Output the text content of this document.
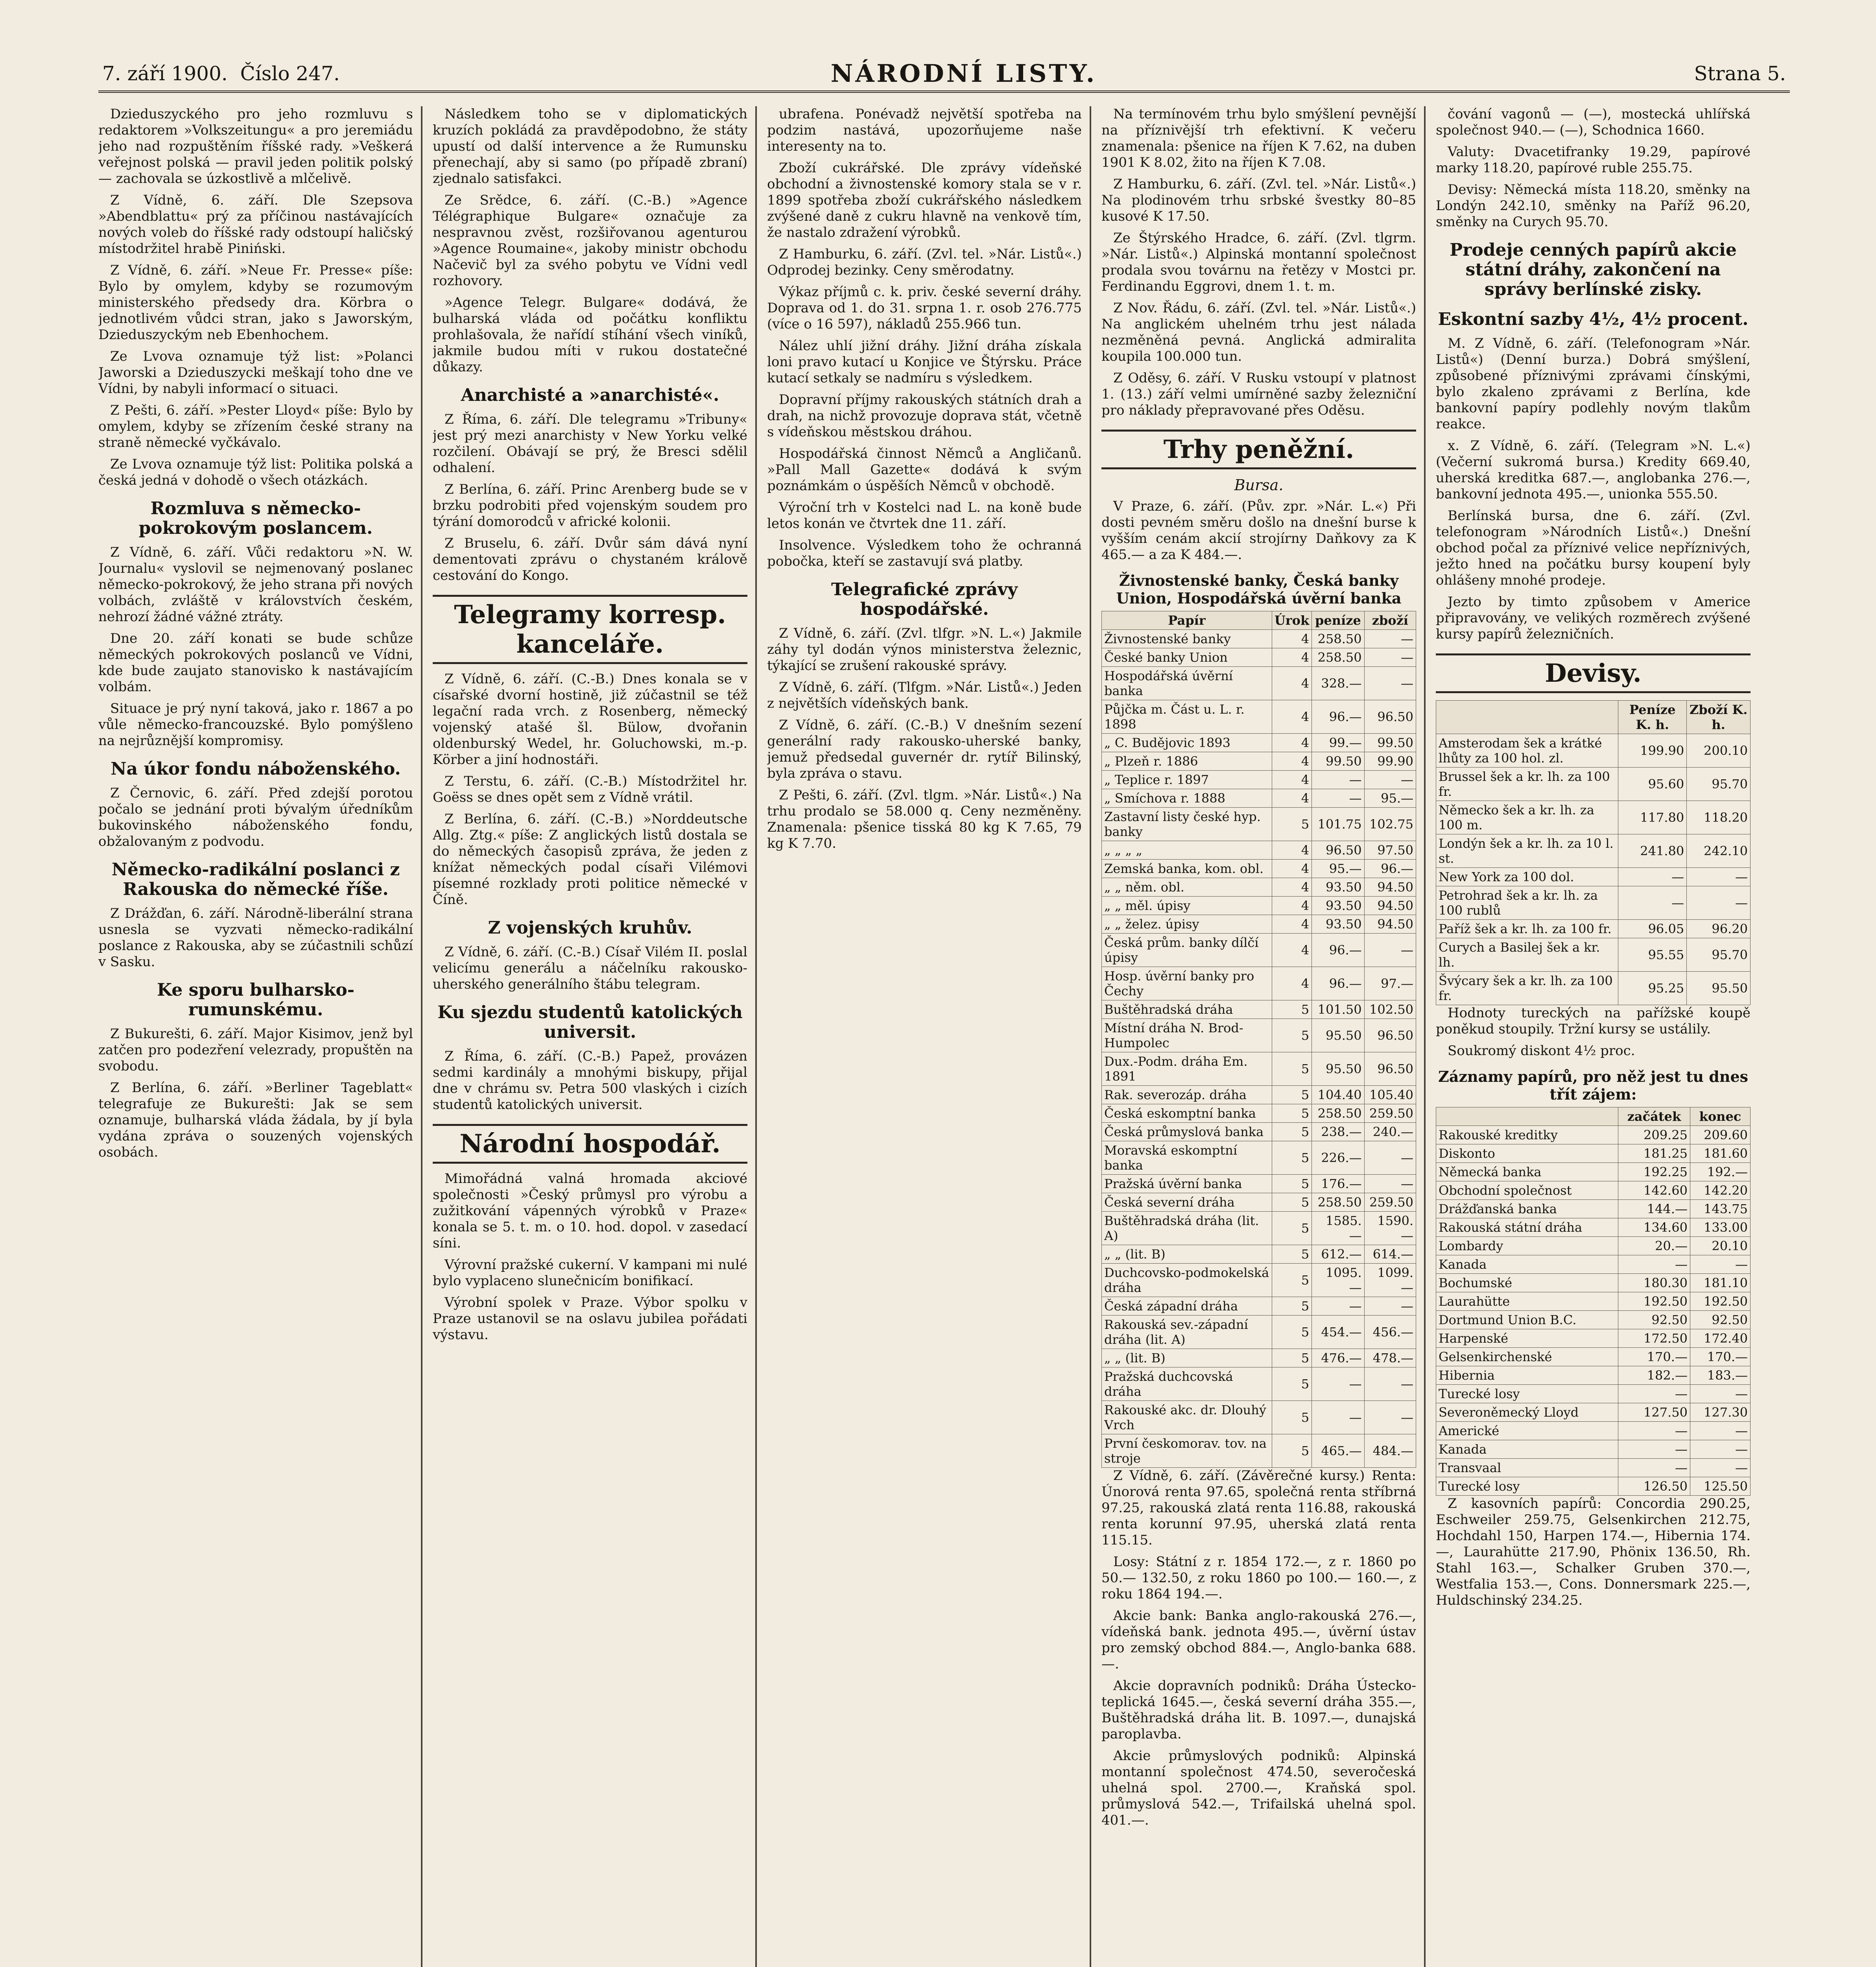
7. září 1900. Číslo 247.	NÁRODNÍ LISTY.	Strana 5.

Dzieduszyckého pro jeho rozmluvu s redaktorem »Volkszeitungu« a pro jeremiádu jeho nad rozpuštěním říšské rady. »Veškerá veřejnost polská — pravil jeden politik polský — zachovala se úzkostlivě a mlčelivě.

Z Vídně, 6. září. Dle Szepsova »Abendblattu« prý za příčinou nastávajících nových voleb do říšské rady odstoupí haličský místodržitel hrabě Piniński.

Z Vídně, 6. září. »Neue Fr. Presse« píše: Bylo by omylem, kdyby se rozumovým ministerského předsedy dra. Körbra o jednotlivém vůdci stran, jako s Jaworským, Dzieduszyckým neb Ebenhochem.

Ze Lvova oznamuje týž list: »Polanci Jaworski a Dzieduszycki meškají toho dne ve Vídni, by nabyli informací o situaci.

Z Pešti, 6. září. »Pester Lloyd« píše: Bylo by omylem, kdyby se zřízením české strany na straně německé vyčkávalo.

Ze Lvova oznamuje týž list: Politika polská a česká jedná v dohodě o všech otázkách.

Rozmluva s německo-pokrokovým poslancem.

Z Vídně, 6. září. Vůči redaktoru »N. W. Journalu« vyslovil se nejmenovaný poslanec německo-pokrokový, že jeho strana při nových volbách, zvláště v královstvích českém, nehrozí žádné vážné ztráty.

Dne 20. září konati se bude schůze německých pokrokových poslanců ve Vídni, kde bude zaujato stanovisko k nastávajícím volbám.

Situace je prý nyní taková, jako r. 1867 a po vůle německo-francouzské. Bylo pomýšleno na nejrůznější kompromisy.

Na úkor fondu náboženského.

Z Černovic, 6. září. Před zdejší porotou počalo se jednání proti bývalým úředníkům bukovinského náboženského fondu, obžalovaným z podvodu.

Německo-radikální poslanci z Rakouska do německé říše.

Z Drážďan, 6. září. Národně-liberální strana usnesla se vyzvati německo-radikální poslance z Rakouska, aby se zúčastnili schůzí v Sasku.

Ke sporu bulharsko-rumunskému.

Z Bukurešti, 6. září. Major Kisimov, jenž byl zatčen pro podezření velezrady, propuštěn na svobodu.

Z Berlína, 6. září. »Berliner Tageblatt« telegrafuje ze Bukurešti: Jak se sem oznamuje, bulharská vláda žádala, by jí byla vydána zpráva o souzených vojenských osobách.

Následkem toho se v diplomatických kruzích pokládá za pravděpodobno, že státy upustí od další intervence a že Rumunsku přenechají, aby si samo (po případě zbraní) zjednalo satisfakci.

Ze Srědce, 6. září. (C.-B.) »Agence Télégraphique Bulgare« označuje za nespravnou zvěst, rozšiřovanou agenturou »Agence Roumaine«, jakoby ministr obchodu Načevič byl za svého pobytu ve Vídni vedl rozhovory.

»Agence Telegr. Bulgare« dodává, že bulharská vláda od počátku konfliktu prohlašovala, že nařídí stíhání všech viníků, jakmile budou míti v rukou dostatečné důkazy.

Anarchisté a »anarchisté«.

Z Říma, 6. září. Dle telegramu »Tribuny« jest prý mezi anarchisty v New Yorku velké rozčilení. Obávají se prý, že Bresci sdělil odhalení.

Z Berlína, 6. září. Princ Arenberg bude se v brzku podrobiti před vojenským soudem pro týrání domorodců v africké kolonii.

Z Bruselu, 6. září. Dvůr sám dává nyní dementovati zprávu o chystaném králově cestování do Kongo.

Telegramy korresp. kanceláře.

Z Vídně, 6. září. (C.-B.) Dnes konala se v císařské dvorní hostině, již zúčastnil se též legační rada vrch. z Rosenberg, německý vojenský atašé šl. Bülow, dvořanin oldenburský Wedel, hr. Goluchowski, m.-p. Körber a jiní hodnostáři.

Z Terstu, 6. září. (C.-B.) Místodržitel hr. Goëss se dnes opět sem z Vídně vrátil.

Z Berlína, 6. září. (C.-B.) »Norddeutsche Allg. Ztg.« píše: Z anglických listů dostala se do německých časopisů zpráva, že jeden z knížat německých podal císaři Vilémovi písemné rozklady proti politice německé v Číně.

Z vojenských kruhův.

Z Vídně, 6. září. (C.-B.) Císař Vilém II. poslal velicímu generálu a náčelníku rakousko-uherského generálního štábu telegram.

Ku sjezdu studentů katolických universit.

Z Říma, 6. září. (C.-B.) Papež, provázen sedmi kardinály a mnohými biskupy, přijal dne v chrámu sv. Petra 500 vlaských i cizích studentů katolických universit.

Národní hospodář.

Mimořádná valná hromada akciové společnosti »Český průmysl pro výrobu a zužitkování vápenných výrobků v Praze« konala se 5. t. m. o 10. hod. dopol. v zasedací síni.

Výrovní pražské cukerní. V kampani mi nulé bylo vyplaceno slunečnicím bonifikací.

Výrobní spolek v Praze. Výbor spolku v Praze ustanovil se na oslavu jubilea pořádati výstavu.

ubrafena. Ponévadž největší spotřeba na podzim nastává, upozorňujeme naše interesenty na to.

Zboží cukrářské. Dle zprávy vídeňské obchodní a živnostenské komory stala se v r. 1899 spotřeba zboží cukrářského následkem zvýšené daně z cukru hlavně na venkově tím, že nastalo zdražení výrobků.

Z Hamburku, 6. září. (Zvl. tel. »Nár. Listů«.) Odprodej bezinky. Ceny směrodatny.

Výkaz příjmů c. k. priv. české severní dráhy. Doprava od 1. do 31. srpna 1. r. osob 276.775 (více o 16 597), nákladů 255.966 tun.

Nález uhlí jižní dráhy. Jižní dráha získala loni pravo kutací u Konjice ve Štýrsku. Práce kutací setkaly se nadmíru s výsledkem.

Dopravní příjmy rakouských státních drah a drah, na nichž provozuje doprava stát, včetně s vídeňskou městskou dráhou.

Hospodářská činnost Němců a Angličanů. »Pall Mall Gazette« dodává k svým poznámkám o úspěších Němců v obchodě.

Výroční trh v Kostelci nad L. na koně bude letos konán ve čtvrtek dne 11. září.

Insolvence. Výsledkem toho že ochranná pobočka, kteří se zastavují svá platby.

Telegrafické zprávy hospodářské.

Z Vídně, 6. září. (Zvl. tlfgr. »N. L.«) Jakmile záhy tyl dodán výnos ministerstva železnic, týkající se zrušení rakouské správy.

Z Vídně, 6. září. (Tlfgm. »Nár. Listů«.) Jeden z největších vídeňských bank.

Z Vídně, 6. září. (C.-B.) V dnešním sezení generální rady rakousko-uherské banky, jemuž předsedal guvernér dr. rytíř Bilinský, byla zpráva o stavu.

Z Pešti, 6. září. (Zvl. tlgm. »Nár. Listů«.) Na trhu prodalo se 58.000 q. Ceny nezměněny. Znamenala: pšenice tisská 80 kg K 7.65, 79 kg K 7.70.

Na termínovém trhu bylo smýšlení pevnější na příznivější trh efektivní. K večeru znamenala: pšenice na říjen K 7.62, na duben 1901 K 8.02, žito na říjen K 7.08.

Z Hamburku, 6. září. (Zvl. tel. »Nár. Listů«.) Na plodinovém trhu srbské švestky 80–85 kusové K 17.50.

Ze Štýrského Hradce, 6. září. (Zvl. tlgrm. »Nár. Listů«.) Alpinská montanní společnost prodala svou továrnu na řetězy v Mostci pr. Ferdinandu Eggrovi, dnem 1. t. m.

Z Nov. Řádu, 6. září. (Zvl. tel. »Nár. Listů«.) Na anglickém uhelném trhu jest nálada nezměněná pevná. Anglická admiralita koupila 100.000 tun.

Z Oděsy, 6. září. V Rusku vstoupí v platnost 1. (13.) září velmi umírněné sazby železniční pro náklady přepravované přes Oděsu.

Trhy peněžní.
Bursa.

V Praze, 6. září. (Pův. zpr. »Nár. L.«) Při dosti pevném směru došlo na dnešní burse k vyšším cenám akcií strojírny Daňkovy za K 465.— a za K 484.—.

Živnostenské banky, Česká banky Union, Hospodářská úvěrní banka
Papír	Úrok	peníze	zboží
Živnostenské banky	4	258.50	—
České banky Union	4	258.50	—
Hospodářská úvěrní banka	4	328.—	—
Půjčka m. Část u. L. r. 1898	4	96.—	96.50
„ C. Budějovic 1893	4	99.—	99.50
„ Plzeň r. 1886	4	99.50	99.90
„ Teplice r. 1897	4	—	—
„ Smíchova r. 1888	4	—	95.—
Zastavní listy české hyp. banky	5	101.75	102.75
„ „ „ „	4	96.50	97.50
Zemská banka, kom. obl.	4	95.—	96.—
„ „ něm. obl.	4	93.50	94.50
„ „ měl. úpisy	4	93.50	94.50
„ „ želez. úpisy	4	93.50	94.50
Česká prům. banky dílčí úpisy	4	96.—	—
Hosp. úvěrní banky pro Čechy	4	96.—	97.—
Buštěhradská dráha	5	101.50	102.50
Místní dráha N. Brod-Humpolec	5	95.50	96.50
Dux.-Podm. dráha Em. 1891	5	95.50	96.50
Rak. severozáp. dráha	5	104.40	105.40
Česká eskomptní banka	5	258.50	259.50
Česká průmyslová banka	5	238.—	240.—
Moravská eskomptní banka	5	226.—	—
Pražská úvěrní banka	5	176.—	—
Česká severní dráha	5	258.50	259.50
Buštěhradská dráha (lit. A)	5	1585.—	1590.—
„ „ (lit. B)	5	612.—	614.—
Duchcovsko-podmokelská dráha	5	1095.—	1099.—
Česká západní dráha	5	—	—
Rakouská sev.-západní dráha (lit. A)	5	454.—	456.—
„ „ (lit. B)	5	476.—	478.—
Pražská duchcovská dráha	5	—	—
Rakouské akc. dr. Dlouhý Vrch	5	—	—
První českomorav. tov. na stroje	5	465.—	484.—

Z Vídně, 6. září. (Závěrečné kursy.) Renta: Únorová renta 97.65, společná renta stříbrná 97.25, rakouská zlatá renta 116.88, rakouská renta korunní 97.95, uherská zlatá renta 115.15.

Losy: Státní z r. 1854 172.—, z r. 1860 po 50.— 132.50, z roku 1860 po 100.— 160.—, z roku 1864 194.—.

Akcie bank: Banka anglo-rakouská 276.—, vídeňská bank. jednota 495.—, úvěrní ústav pro zemský obchod 884.—, Anglo-banka 688.—.

Akcie dopravních podniků: Dráha Ústecko-teplická 1645.—, česká severní dráha 355.—, Buštěhradská dráha lit. B. 1097.—, dunajská paroplavba.

Akcie průmyslových podniků: Alpinská montanní společnost 474.50, severočeská uhelná spol. 2700.—, Kraňská spol. průmyslová 542.—, Trifailská uhelná spol. 401.—.

čování vagonů — (—), mostecká uhlířská společnost 940.— (—), Schodnica 1660.

Valuty: Dvacetifranky 19.29, papírové marky 118.20, papírové ruble 255.75.

Devisy: Německá místa 118.20, směnky na Londýn 242.10, směnky na Paříž 96.20, směnky na Curych 95.70.

Prodeje cenných papírů akcie státní dráhy, zakončení na správy berlínské zisky.
Eskontní sazby 4½, 4½ procent.

M. Z Vídně, 6. září. (Telefonogram »Nár. Listů«) (Denní burza.) Dobrá smýšlení, způsobené příznivými zprávami čínskými, bylo zkaleno zprávami z Berlína, kde bankovní papíry podlehly novým tlakům reakce.

x. Z Vídně, 6. září. (Telegram »N. L.«) (Večerní sukromá bursa.) Kredity 669.40, uherská kreditka 687.—, anglobanka 276.—, bankovní jednota 495.—, unionka 555.50.

Berlínská bursa, dne 6. září. (Zvl. telefonogram »Národních Listů«.) Dnešní obchod počal za příznivé velice nepříznivých, ježto hned na počátku bursy koupení byly ohlášeny mnohé prodeje.

Jezto by timto způsobem v Americe připravovány, ve velikých rozměrech zvýšené kursy papírů železničních.

Devisy.
	Peníze K. h.	Zboží K. h.
Amsterodam šek a krátké lhůty za 100 hol. zl.	199.90	200.10
Brussel šek a kr. lh. za 100 fr.	95.60	95.70
Německo šek a kr. lh. za 100 m.	117.80	118.20
Londýn šek a kr. lh. za 10 l. st.	241.80	242.10
New York za 100 dol.	—	—
Petrohrad šek a kr. lh. za 100 rublů	—	—
Paříž šek a kr. lh. za 100 fr.	96.05	96.20
Curych a Basilej šek a kr. lh.	95.55	95.70
Švýcary šek a kr. lh. za 100 fr.	95.25	95.50

Hodnoty tureckých na pařížské koupě poněkud stoupily. Tržní kursy se ustálily.

Soukromý diskont 4½ proc.

Záznamy papírů, pro něž jest tu dnes třít zájem:
	začátek	konec
Rakouské kreditky	209.25	209.60
Diskonto	181.25	181.60
Německá banka	192.25	192.—
Obchodní společnost	142.60	142.20
Drážďanská banka	144.—	143.75
Rakouská státní dráha	134.60	133.00
Lombardy	20.—	20.10
Kanada	—	—
Bochumské	180.30	181.10
Laurahütte	192.50	192.50
Dortmund Union B.C.	92.50	92.50
Harpenské	172.50	172.40
Gelsenkirchenské	170.—	170.—
Hibernia	182.—	183.—
Turecké losy	—	—
Severoněmecký Lloyd	127.50	127.30
Americké	—	—
Kanada	—	—
Transvaal	—	—
Turecké losy	126.50	125.50

Z kasovních papírů: Concordia 290.25, Eschweiler 259.75, Gelsenkirchen 212.75, Hochdahl 150, Harpen 174.—, Hibernia 174.—, Laurahütte 217.90, Phönix 136.50, Rh. Stahl 163.—, Schalker Gruben 370.—, Westfalia 153.—, Cons. Donnersmark 225.—, Huldschinský 234.25.
